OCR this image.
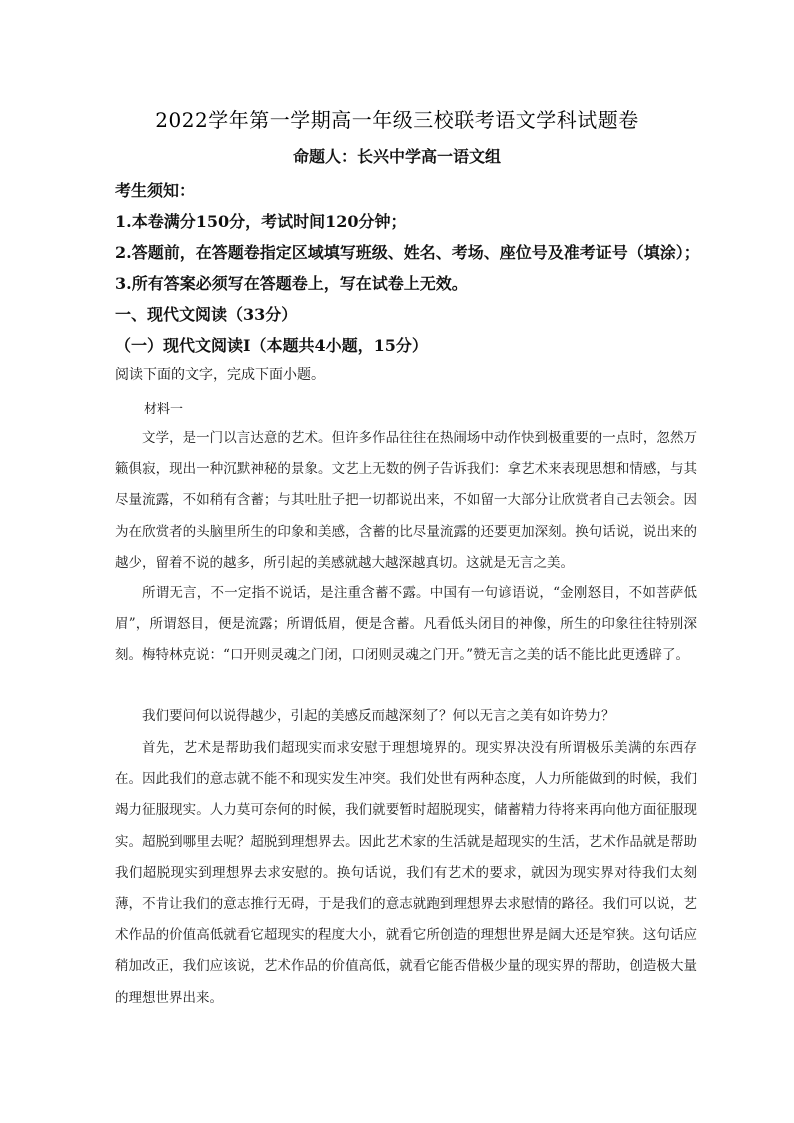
2022学年第一学期高一年级三校联考语文学科试题卷
命题人：长兴中学高一语文组
考生须知：
1.本卷满分150分，考试时间120分钟；
2.答题前，在答题卷指定区域填写班级、姓名、考场、座位号及准考证号（填涂）；
3.所有答案必须写在答题卷上，写在试卷上无效。
一、现代文阅读（33分）
（一）现代文阅读Ⅰ（本题共4小题，15分）
阅读下面的文字，完成下面小题。
材料一
文学，是一门以言达意的艺术。但许多作品往往在热闹场中动作快到极重要的一点时，忽然万籁俱寂，现出一种沉默神秘的景象。文艺上无数的例子告诉我们：拿艺术来表现思想和情感，与其尽量流露，不如稍有含蓄；与其吐肚子把一切都说出来，不如留一大部分让欣赏者自己去领会。因为在欣赏者的头脑里所生的印象和美感，含蓄的比尽量流露的还要更加深刻。换句话说，说出来的越少，留着不说的越多，所引起的美感就越大越深越真切。这就是无言之美。
所谓无言，不一定指不说话，是注重含蓄不露。中国有一句谚语说，“金刚怒目，不如菩萨低眉”，所谓怒目，便是流露；所谓低眉，便是含蓄。凡看低头闭目的神像，所生的印象往往特别深刻。梅特林克说：“口开则灵魂之门闭，口闭则灵魂之门开。”赞无言之美的话不能比此更透辟了。
我们要问何以说得越少，引起的美感反而越深刻了？何以无言之美有如许势力？
首先，艺术是帮助我们超现实而求安慰于理想境界的。现实界决没有所谓极乐美满的东西存在。因此我们的意志就不能不和现实发生冲突。我们处世有两种态度，人力所能做到的时候，我们竭力征服现实。人力莫可奈何的时候，我们就要暂时超脱现实，储蓄精力待将来再向他方面征服现实。超脱到哪里去呢？超脱到理想界去。因此艺术家的生活就是超现实的生活，艺术作品就是帮助我们超脱现实到理想界去求安慰的。换句话说，我们有艺术的要求，就因为现实界对待我们太刻薄，不肯让我们的意志推行无碍，于是我们的意志就跑到理想界去求慰情的路径。我们可以说，艺术作品的价值高低就看它超现实的程度大小，就看它所创造的理想世界是阔大还是窄狭。这句话应稍加改正，我们应该说，艺术作品的价值高低，就看它能否借极少量的现实界的帮助，创造极大量的理想世界出来。
